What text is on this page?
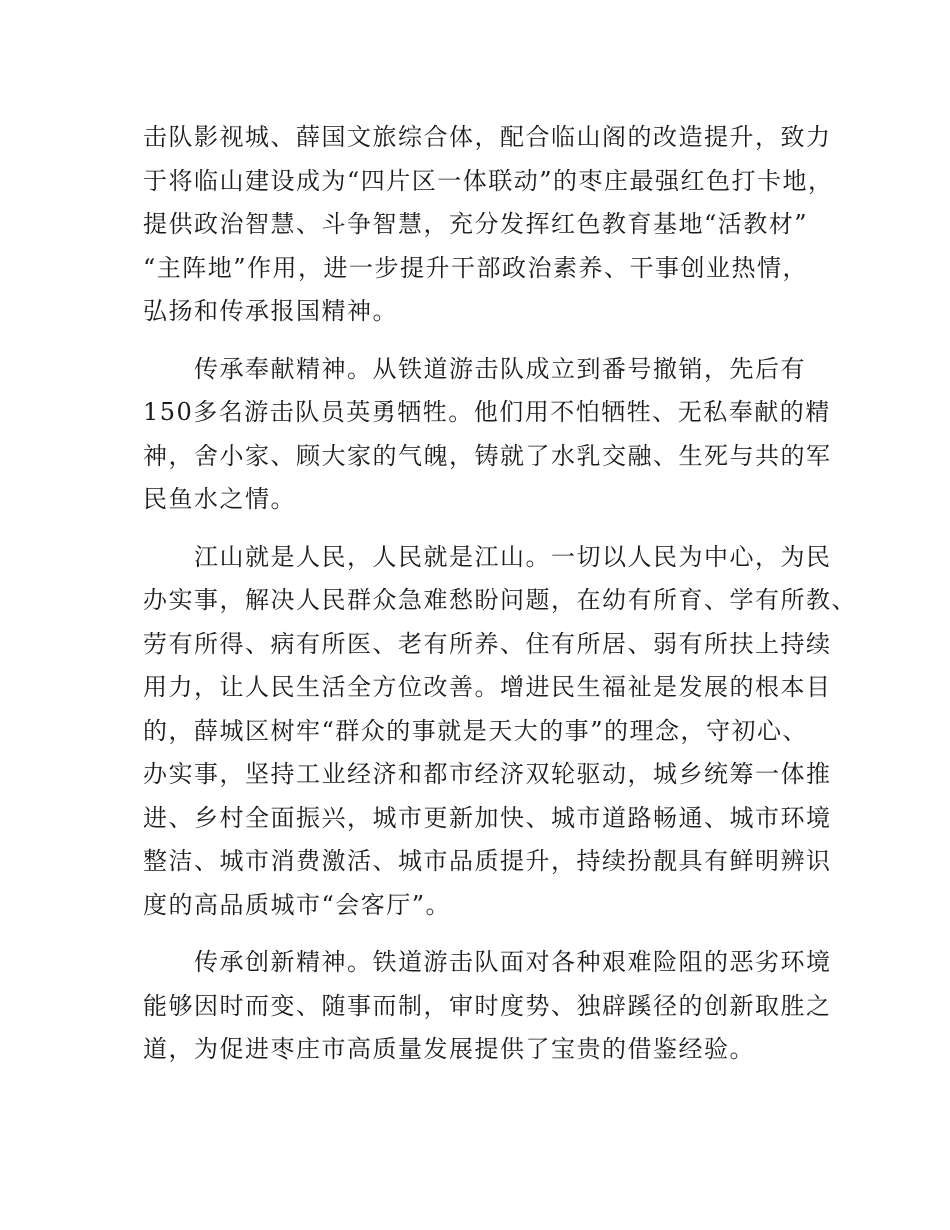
击队影视城、薛国文旅综合体，配合临山阁的改造提升，致力
于将临山建设成为“四片区一体联动”的枣庄最强红色打卡地，
提供政治智慧、斗争智慧，充分发挥红色教育基地“活教材”
“主阵地”作用，进一步提升干部政治素养、干事创业热情，
弘扬和传承报国精神。

　　传承奉献精神。从铁道游击队成立到番号撤销，先后有
150多名游击队员英勇牺牲。他们用不怕牺牲、无私奉献的精
神，舍小家、顾大家的气魄，铸就了水乳交融、生死与共的军
民鱼水之情。

　　江山就是人民，人民就是江山。一切以人民为中心，为民
办实事，解决人民群众急难愁盼问题，在幼有所育、学有所教、
劳有所得、病有所医、老有所养、住有所居、弱有所扶上持续
用力，让人民生活全方位改善。增进民生福祉是发展的根本目
的，薛城区树牢“群众的事就是天大的事”的理念，守初心、
办实事，坚持工业经济和都市经济双轮驱动，城乡统筹一体推
进、乡村全面振兴，城市更新加快、城市道路畅通、城市环境
整洁、城市消费激活、城市品质提升，持续扮靓具有鲜明辨识
度的高品质城市“会客厅”。

　　传承创新精神。铁道游击队面对各种艰难险阻的恶劣环境
能够因时而变、随事而制，审时度势、独辟蹊径的创新取胜之
道，为促进枣庄市高质量发展提供了宝贵的借鉴经验。
